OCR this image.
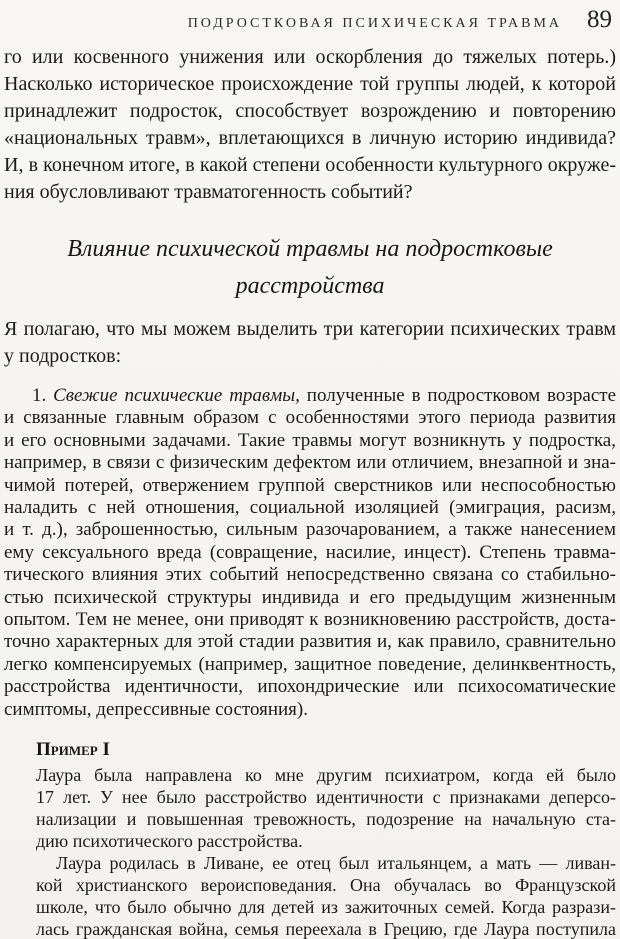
ПОДРОСТКОВАЯ ПСИХИЧЕСКАЯ ТРАВМА 89
го или косвенного унижения или оскорбления до тяжелых потерь.)
Насколько историческое происхождение той группы людей, к которой
принадлежит подросток, способствует возрождению и повторению
«национальных травм», вплетающихся в личную историю индивида?
И, в конечном итоге, в какой степени особенности культурного окруже-
ния обусловливают травматогенность событий?
Влияние психической травмы на подростковые
расстройства
Я полагаю, что мы можем выделить три категории психических травм
у подростков:
1. Свежие психические травмы, полученные в подростковом возрасте
и связанные главным образом с особенностями этого периода развития
и его основными задачами. Такие травмы могут возникнуть у подростка,
например, в связи с физическим дефектом или отличием, внезапной и зна-
чимой потерей, отвержением группой сверстников или неспособностью
наладить с ней отношения, социальной изоляцией (эмиграция, расизм,
и т. д.), заброшенностью, сильным разочарованием, а также нанесением
ему сексуального вреда (совращение, насилие, инцест). Степень травма-
тического влияния этих событий непосредственно связана со стабильно-
стью психической структуры индивида и его предыдущим жизненным
опытом. Тем не менее, они приводят к возникновению расстройств, доста-
точно характерных для этой стадии развития и, как правило, сравнительно
легко компенсируемых (например, защитное поведение, делинквентность,
расстройства идентичности, ипохондрические или психосоматические
симптомы, депрессивные состояния).
Пример I
Лаура была направлена ко мне другим психиатром, когда ей было
17 лет. У нее было расстройство идентичности с признаками деперсо-
нализации и повышенная тревожность, подозрение на начальную ста-
дию психотического расстройства.
Лаура родилась в Ливане, ее отец был итальянцем, а мать — ливан-
кой христианского вероисповедания. Она обучалась во Французской
школе, что было обычно для детей из зажиточных семей. Когда разрази-
лась гражданская война, семья переехала в Грецию, где Лаура поступила
